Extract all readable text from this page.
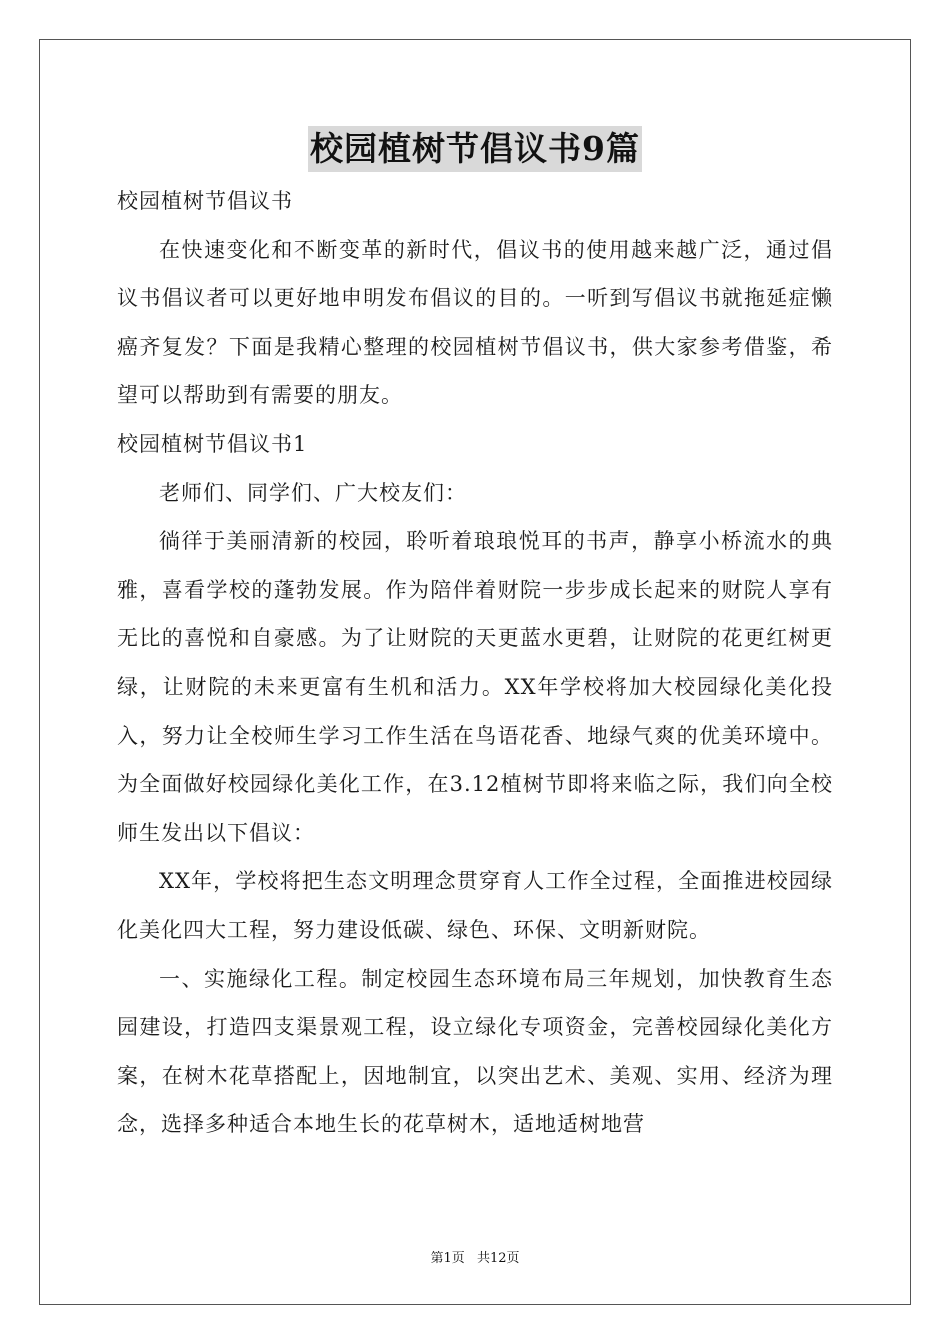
校园植树节倡议书9篇

校园植树节倡议书

在快速变化和不断变革的新时代，倡议书的使用越来越广泛，通过倡议书倡议者可以更好地申明发布倡议的目的。一听到写倡议书就拖延症懒癌齐复发？下面是我精心整理的校园植树节倡议书，供大家参考借鉴，希望可以帮助到有需要的朋友。

校园植树节倡议书1

老师们、同学们、广大校友们：

徜徉于美丽清新的校园，聆听着琅琅悦耳的书声，静享小桥流水的典雅，喜看学校的蓬勃发展。作为陪伴着财院一步步成长起来的财院人享有无比的喜悦和自豪感。为了让财院的天更蓝水更碧，让财院的花更红树更绿，让财院的未来更富有生机和活力。XX年学校将加大校园绿化美化投入，努力让全校师生学习工作生活在鸟语花香、地绿气爽的优美环境中。为全面做好校园绿化美化工作，在3.12植树节即将来临之际，我们向全校师生发出以下倡议：

XX年，学校将把生态文明理念贯穿育人工作全过程，全面推进校园绿化美化四大工程，努力建设低碳、绿色、环保、文明新财院。

一、实施绿化工程。制定校园生态环境布局三年规划，加快教育生态园建设，打造四支渠景观工程，设立绿化专项资金，完善校园绿化美化方案，在树木花草搭配上，因地制宜，以突出艺术、美观、实用、经济为理念，选择多种适合本地生长的花草树木，适地适树地营

第1页 共12页
